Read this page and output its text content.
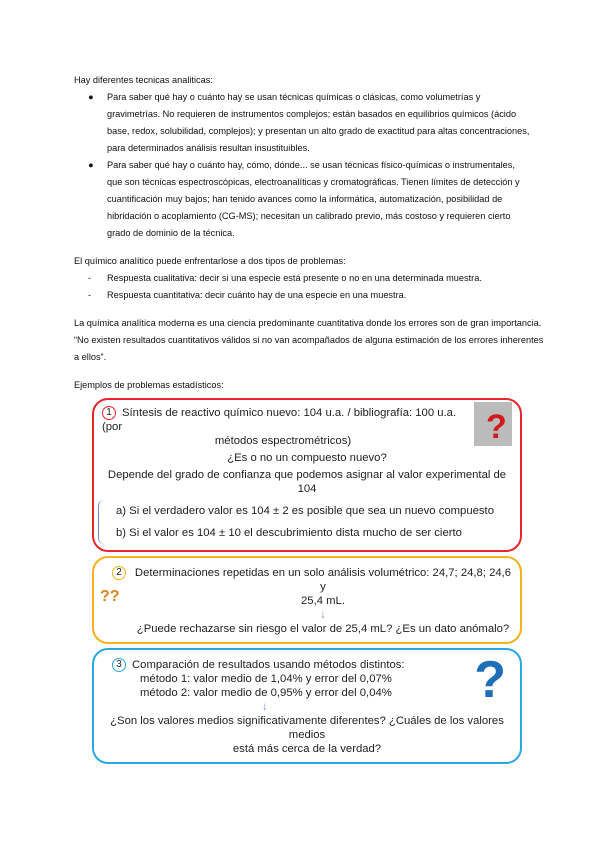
Hay diferentes tecnicas analiticas:
● Para saber qué hay o cuánto hay se usan técnicas químicas o clásicas, como volumetrías y gravimetrías. No requieren de instrumentos complejos; están basados en equilibrios químicos (ácido base, redox, solubilidad, complejos); y presentan un alto grado de exactitud para altas concentraciones, para determinados análisis resultan insustituibles.
● Para saber qué hay o cuánto hay, cómo, dónde... se usan técnicas físico-químicas o instrumentales, que son técnicas espectroscópicas, electroanalíticas y cromatográficas. Tienen límites de detección y cuantificación muy bajos; han tenido avances como la informática, automatización, posibilidad de hibridación o acoplamiento (CG-MS); necesitan un calibrado previo, más costoso y requieren cierto grado de dominio de la técnica.
El químico analítico puede enfrentarlose a dos tipos de problemas:
- Respuesta cualitativa: decir si una especie está presente o no en una determinada muestra.
- Respuesta cuantitativa: decir cuánto hay de una especie en una muestra.
La química analítica moderna es una ciencia predominante cuantitativa donde los errores son de gran importancia. “No existen resultados cuantitativos válidos si no van acompañados de alguna estimación de los errores inherentes a ellos”.
Ejemplos de problemas estadísticos:
1 Síntesis de reactivo químico nuevo: 104 u.a. / bibliografía: 100 u.a. (por
métodos espectrométricos)
¿Es o no un compuesto nuevo?
Depende del grado de confianza que podemos asignar al valor experimental de 104
a) Si el verdadero valor es 104 ± 2 es posible que sea un nuevo compuesto
b) Si el valor es 104 ± 10 el descubrimiento dista mucho de ser cierto
?
2	Determinaciones repetidas en un solo análisis volumétrico: 24,7; 24,8; 24,6 y
25,4 mL.
↓
¿Puede rechazarse sin riesgo el valor de 25,4 mL? ¿Es un dato anómalo?
??
3 Comparación de resultados usando métodos distintos:
método 1: valor medio de 1,04% y error del 0,07%
método 2: valor medio de 0,95% y error del 0,04%
↓
¿Son los valores medios significativamente diferentes? ¿Cuáles de los valores medios
está más cerca de la verdad?
?
